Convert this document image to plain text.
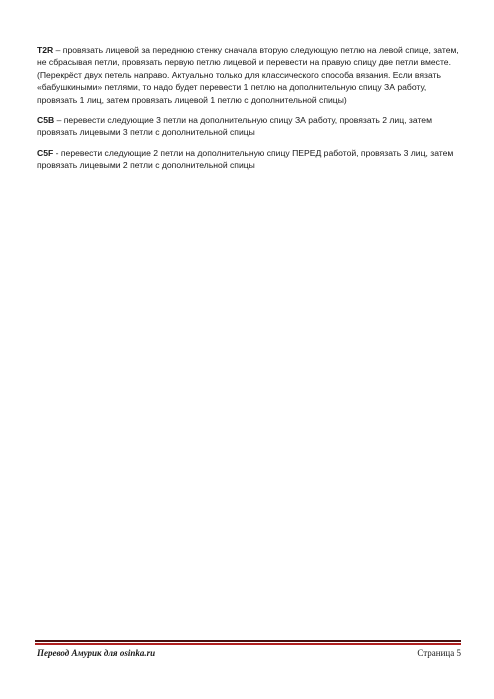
T2R – провязать лицевой за переднюю стенку сначала вторую следующую петлю на левой спице, затем, не сбрасывая петли, провязать первую петлю лицевой и перевести на правую спицу две петли вместе. (Перекрёст двух петель направо. Актуально только для классического способа вязания. Если вязать «бабушкиными» петлями, то надо будет перевести 1 петлю на дополнительную спицу ЗА работу, провязать 1 лиц, затем провязать лицевой 1 петлю с дополнительной спицы)

C5B – перевести следующие 3 петли на дополнительную спицу ЗА работу, провязать 2 лиц, затем провязать лицевыми 3 петли с дополнительной спицы

C5F - перевести следующие 2 петли на дополнительную спицу ПЕРЕД работой, провязать 3 лиц, затем провязать лицевыми 2 петли с дополнительной спицы

Перевод Амурик для osinka.ru	Страница 5
